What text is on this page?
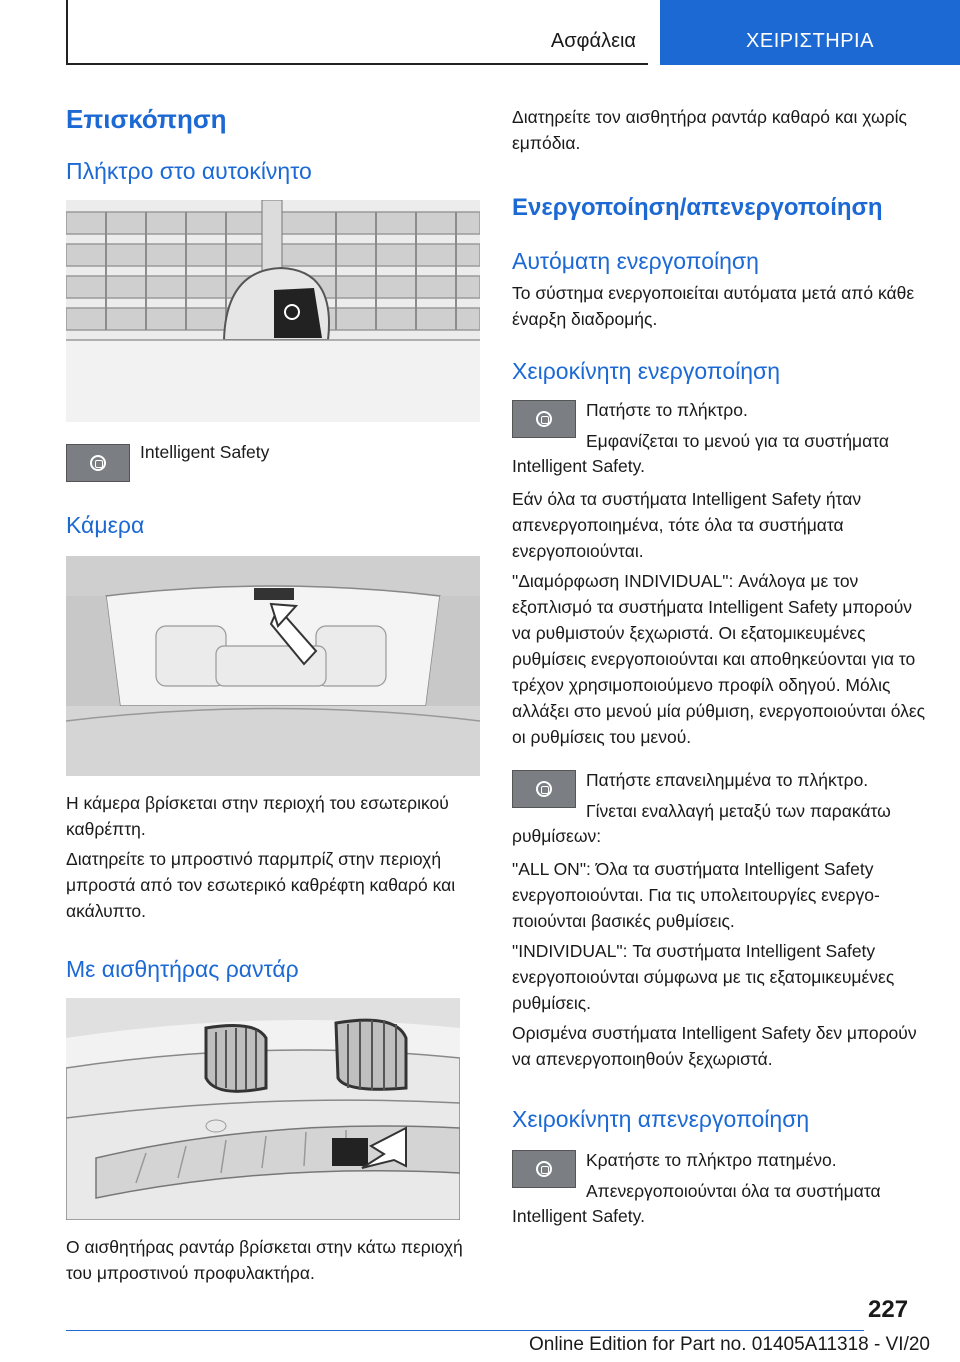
Ασφάλεια	ΧΕΙΡΙΣΤΗΡΙΑ
Επισκόπηση
Πλήκτρο στο αυτοκίνητο

Intelligent Safety

Κάμερα

Η κάμερα βρίσκεται στην περιοχή του εσωτερικού καθρέπτη.

Διατηρείτε το μπροστινό παρμπρίζ στην περιοχή μπροστά από τον εσωτερικό καθρέφτη καθαρό και ακάλυπτο.

Με αισθητήρας ραντάρ

Ο αισθητήρας ραντάρ βρίσκεται στην κάτω περιοχή του μπροστινού προφυλακτήρα.

Διατηρείτε τον αισθητήρα ραντάρ καθαρό και χωρίς εμπόδια.

Ενεργοποίηση/απενεργοποίηση
Αυτόματη ενεργοποίηση

Το σύστημα ενεργοποιείται αυτόματα μετά από κάθε έναρξη διαδρομής.

Χειροκίνητη ενεργοποίηση

Πατήστε το πλήκτρο.

Εμφανίζεται το μενού για τα συστήματα

Intelligent Safety.

Εάν όλα τα συστήματα Intelligent Safety ήταν απενεργοποιημένα, τότε όλα τα συστήματα ενεργοποιούνται.

"Διαμόρφωση INDIVIDUAL": Ανάλογα με τον εξοπλισμό τα συστήματα Intelligent Safety μπορούν να ρυθμιστούν ξεχωριστά. Οι εξατομικευμένες ρυθμίσεις ενεργοποιούνται και αποθηκεύονται για το τρέχον χρησιμοποιούμενο προφίλ οδηγού. Μόλις αλλάξει στο μενού μία ρύθμιση, ενεργοποιούνται όλες οι ρυθμίσεις του μενού.

Πατήστε επανειλημμένα το πλήκτρο.

Γίνεται εναλλαγή μεταξύ των παρακάτω

ρυθμίσεων:

"ALL ON": Όλα τα συστήματα Intelligent Safety ενεργοποιούνται. Για τις υπολειτουργίες ενεργοποιούνται βασικές ρυθμίσεις.

"INDIVIDUAL": Τα συστήματα Intelligent Safety ενεργοποιούνται σύμφωνα με τις εξατομικευμένες ρυθμίσεις.

Ορισμένα συστήματα Intelligent Safety δεν μπορούν να απενεργοποιηθούν ξεχωριστά.

Χειροκίνητη απενεργοποίηση

Κρατήστε το πλήκτρο πατημένο.

Απενεργοποιούνται όλα τα συστήματα

Intelligent Safety.

227
Online Edition for Part no. 01405A11318 - VI/20
